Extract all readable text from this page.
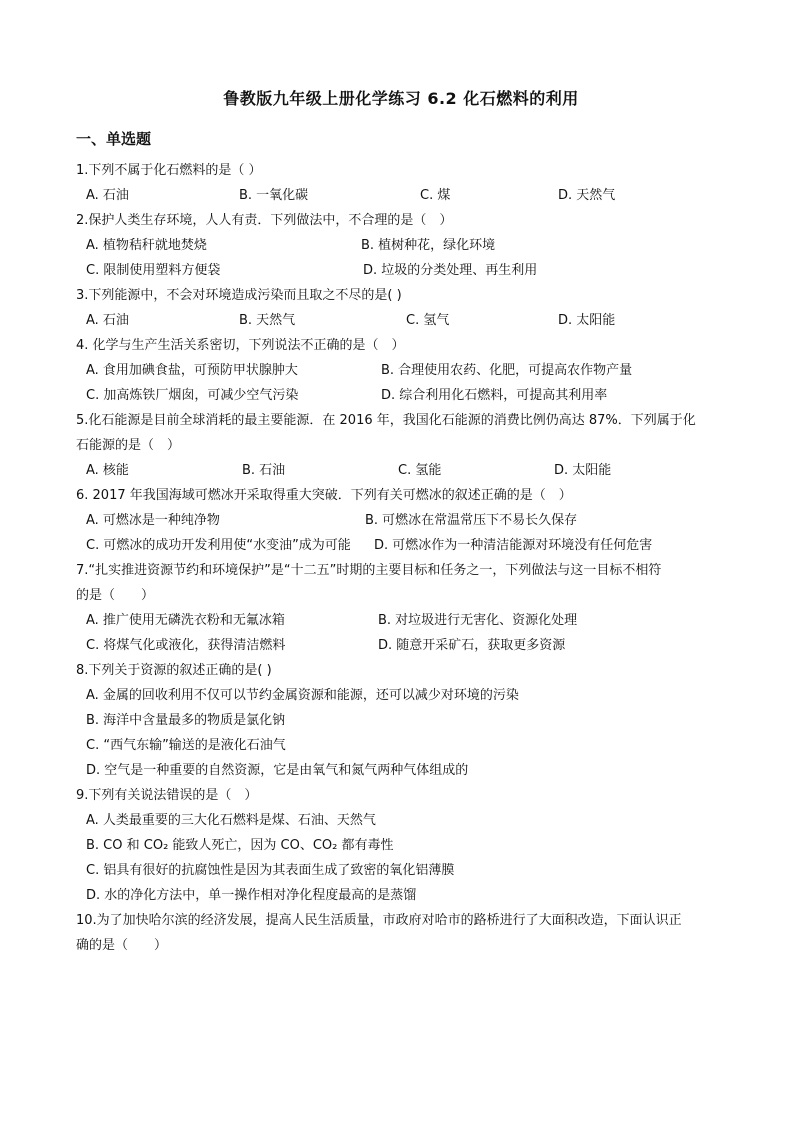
鲁教版九年级上册化学练习 6.2 化石燃料的利用
一、单选题
1.下列不属于化石燃料的是（ ）
A. 石油	B. 一氧化碳	C. 煤	D. 天然气
2.保护人类生存环境，人人有责．下列做法中，不合理的是（　）
A. 植物秸秆就地焚烧	B. 植树种花，绿化环境
C. 限制使用塑料方便袋	D. 垃圾的分类处理、再生利用
3.下列能源中，不会对环境造成污染而且取之不尽的是( )
A. 石油	B. 天然气	C. 氢气	D. 太阳能
4. 化学与生产生活关系密切，下列说法不正确的是（　）
A. 食用加碘食盐，可预防甲状腺肿大	B. 合理使用农药、化肥，可提高农作物产量
C. 加高炼铁厂烟囱，可减少空气污染	D. 综合利用化石燃料，可提高其利用率
5.化石能源是目前全球消耗的最主要能源．在 2016 年，我国化石能源的消费比例仍高达 87%．下列属于化
石能源的是（　）
A. 核能	B. 石油	C. 氢能	D. 太阳能
6. 2017 年我国海域可燃冰开采取得重大突破．下列有关可燃冰的叙述正确的是（　）
A. 可燃冰是一种纯净物	B. 可燃冰在常温常压下不易长久保存
C. 可燃冰的成功开发利用使“水变油”成为可能 D. 可燃冰作为一种清洁能源对环境没有任何危害
7.“扎实推进资源节约和环境保护”是“十二五”时期的主要目标和任务之一，下列做法与这一目标不相符
的是（　　）
A. 推广使用无磷洗衣粉和无氟冰箱	B. 对垃圾进行无害化、资源化处理
C. 将煤气化或液化，获得清洁燃料	D. 随意开采矿石，获取更多资源
8.下列关于资源的叙述正确的是( )
A. 金属的回收利用不仅可以节约金属资源和能源，还可以减少对环境的污染
B. 海洋中含量最多的物质是氯化钠
C. “西气东输”输送的是液化石油气
D. 空气是一种重要的自然资源，它是由氧气和氮气两种气体组成的
9.下列有关说法错误的是（　）
A. 人类最重要的三大化石燃料是煤、石油、天然气
B. CO 和 CO₂ 能致人死亡，因为 CO、CO₂ 都有毒性
C. 铝具有很好的抗腐蚀性是因为其表面生成了致密的氧化铝薄膜
D. 水的净化方法中，单一操作相对净化程度最高的是蒸馏
10.为了加快哈尔滨的经济发展，提高人民生活质量，市政府对哈市的路桥进行了大面积改造，下面认识正
确的是（　　）
